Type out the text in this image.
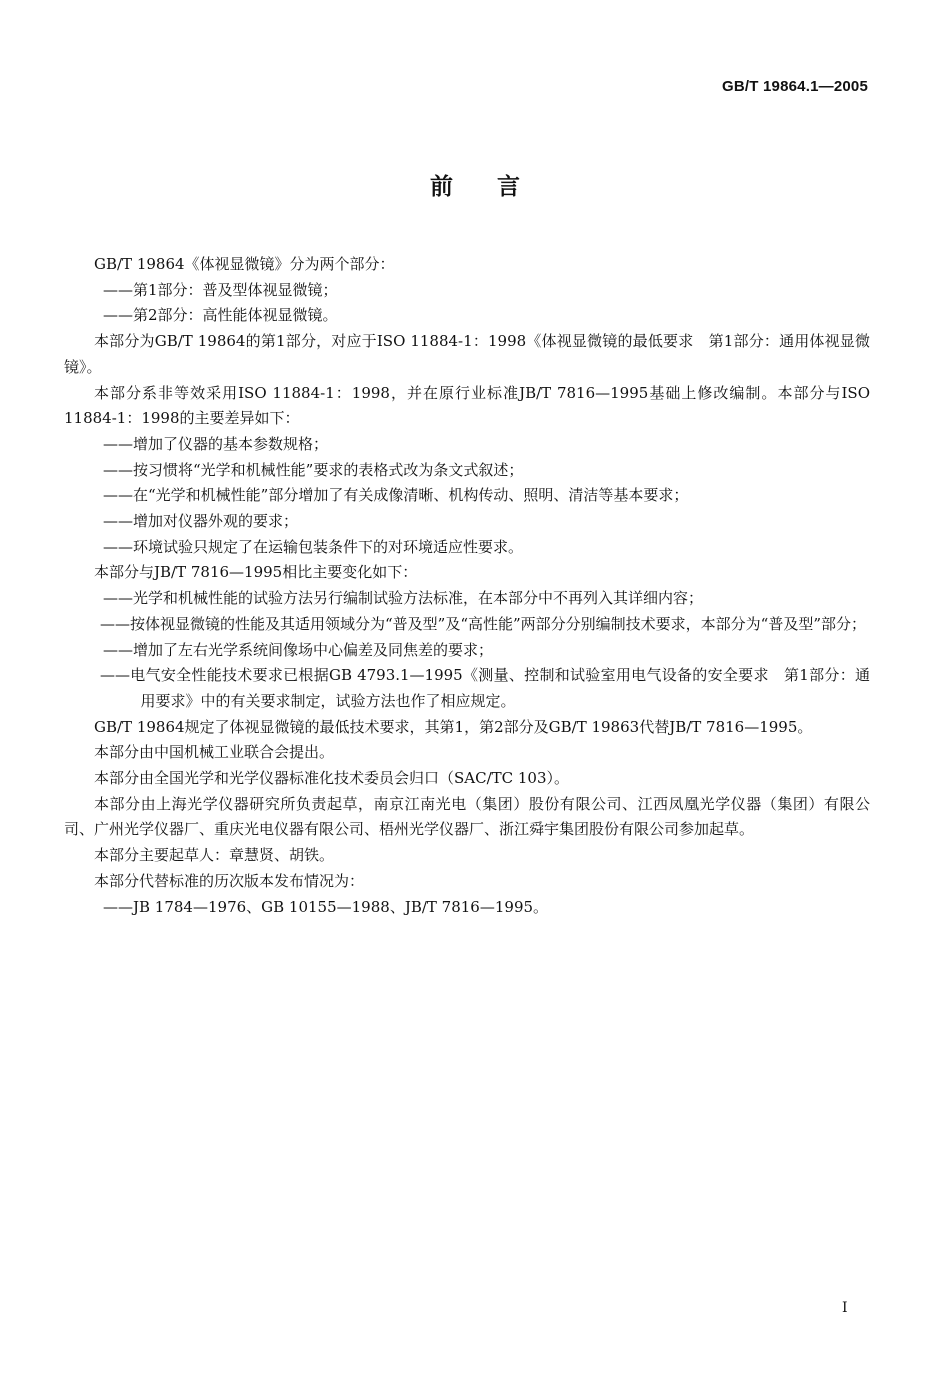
GB/T 19864.1—2005
前言

GB/T 19864《体视显微镜》分为两个部分：

——第1部分：普及型体视显微镜；

——第2部分：高性能体视显微镜。

本部分为GB/T 19864的第1部分，对应于ISO 11884-1：1998《体视显微镜的最低要求　第1部分：通用体视显微镜》。

本部分系非等效采用ISO 11884-1：1998，并在原行业标准JB/T 7816—1995基础上修改编制。本部分与ISO 11884-1：1998的主要差异如下：

——增加了仪器的基本参数规格；

——按习惯将“光学和机械性能”要求的表格式改为条文式叙述；

——在“光学和机械性能”部分增加了有关成像清晰、机构传动、照明、清洁等基本要求；

——增加对仪器外观的要求；

——环境试验只规定了在运输包装条件下的对环境适应性要求。

本部分与JB/T 7816—1995相比主要变化如下：

——光学和机械性能的试验方法另行编制试验方法标准，在本部分中不再列入其详细内容；

——按体视显微镜的性能及其适用领域分为“普及型”及“高性能”两部分分别编制技术要求，本部分为“普及型”部分；

——增加了左右光学系统间像场中心偏差及同焦差的要求；

——电气安全性能技术要求已根据GB 4793.1—1995《测量、控制和试验室用电气设备的安全要求　第1部分：通用要求》中的有关要求制定，试验方法也作了相应规定。

GB/T 19864规定了体视显微镜的最低技术要求，其第1，第2部分及GB/T 19863代替JB/T 7816—1995。

本部分由中国机械工业联合会提出。

本部分由全国光学和光学仪器标准化技术委员会归口（SAC/TC 103）。

本部分由上海光学仪器研究所负责起草，南京江南光电（集团）股份有限公司、江西凤凰光学仪器（集团）有限公司、广州光学仪器厂、重庆光电仪器有限公司、梧州光学仪器厂、浙江舜宇集团股份有限公司参加起草。

本部分主要起草人：章慧贤、胡铁。

本部分代替标准的历次版本发布情况为：

——JB 1784—1976、GB 10155—1988、JB/T 7816—1995。

I
